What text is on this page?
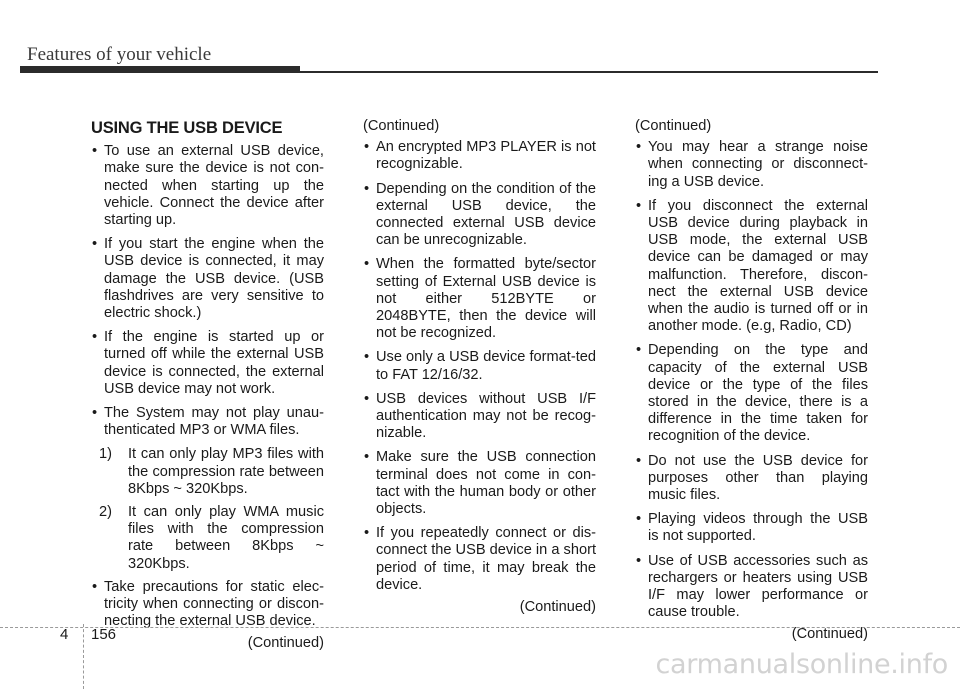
Features of your vehicle
USING THE USB DEVICE
• To use an external USB device, make sure the device is not con-nected when starting up the vehicle. Connect the device after starting up.
• If you start the engine when the USB device is connected, it may damage the USB device. (USB flashdrives are very sensitive to electric shock.)
• If the engine is started up or turned off while the external USB device is connected, the external USB device may not work.
• The System may not play unau-thenticated MP3 or WMA files.
1) It can only play MP3 files with the compression rate between 8Kbps ~ 320Kbps.
2) It can only play WMA music files with the compression rate between 8Kbps ~ 320Kbps.
• Take precautions for static elec-tricity when connecting or discon-necting the external USB device.
(Continued)
(Continued)
• An encrypted MP3 PLAYER is not recognizable.
• Depending on the condition of the external USB device, the connected external USB device can be unrecognizable.
• When the formatted byte/sector setting of External USB device is not either 512BYTE or 2048BYTE, then the device will not be recognized.
• Use only a USB device format-ted to FAT 12/16/32.
• USB devices without USB I/F authentication may not be recog-nizable.
• Make sure the USB connection terminal does not come in con-tact with the human body or other objects.
• If you repeatedly connect or dis-connect the USB device in a short period of time, it may break the device.
(Continued)
(Continued)
• You may hear a strange noise when connecting or disconnect-ing a USB device.
• If you disconnect the external USB device during playback in USB mode, the external USB device can be damaged or may malfunction. Therefore, discon-nect the external USB device when the audio is turned off or in another mode. (e.g, Radio, CD)
• Depending on the type and capacity of the external USB device or the type of the files stored in the device, there is a difference in the time taken for recognition of the device.
• Do not use the USB device for purposes other than playing music files.
• Playing videos through the USB is not supported.
• Use of USB accessories such as rechargers or heaters using USB I/F may lower performance or cause trouble.
(Continued)
4 156
carmanualsonline.info
